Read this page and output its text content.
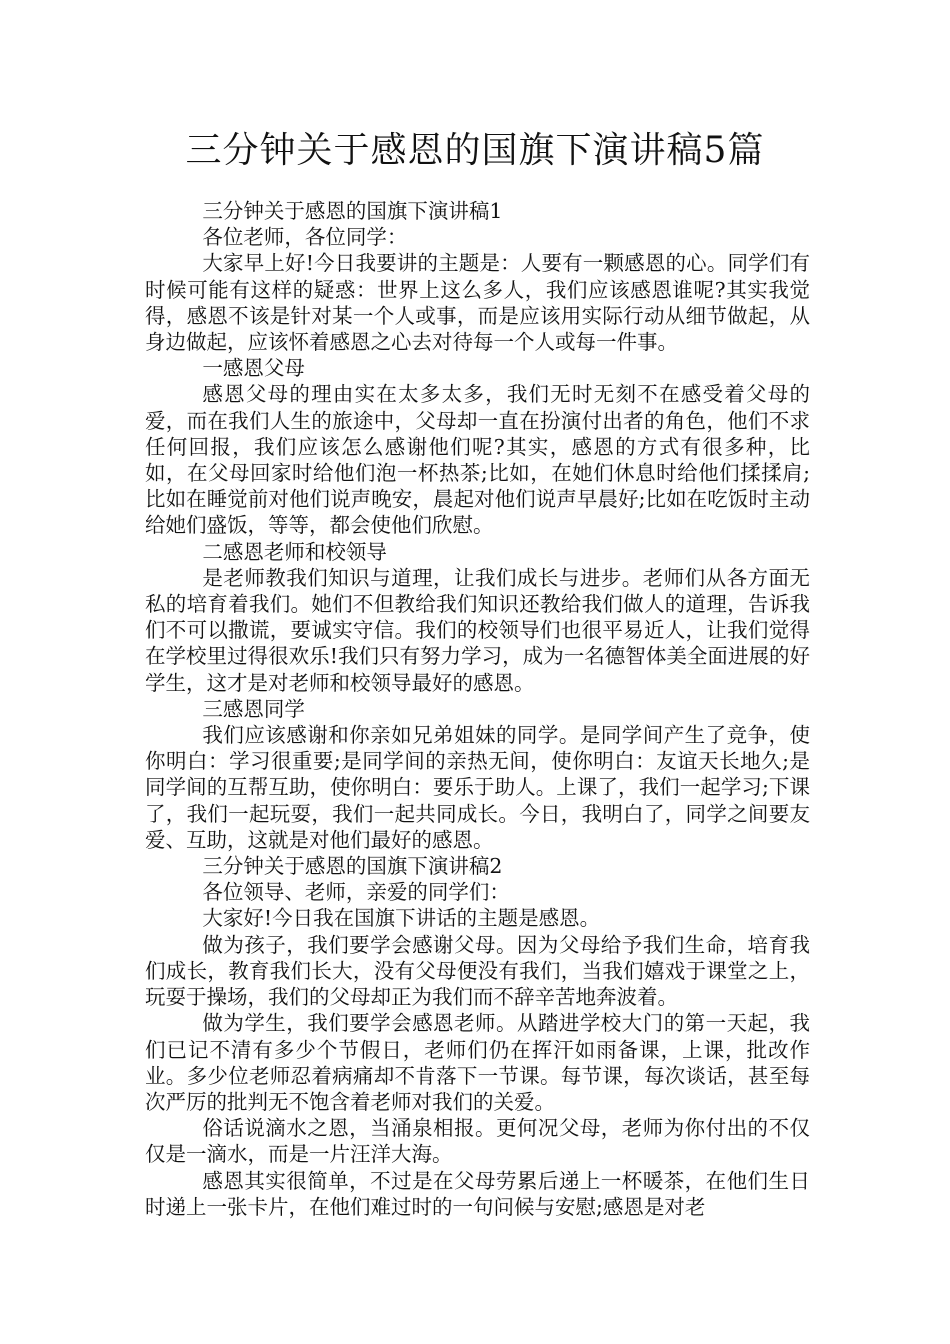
三分钟关于感恩的国旗下演讲稿5篇

三分钟关于感恩的国旗下演讲稿1

各位老师，各位同学：

大家早上好!今日我要讲的主题是：人要有一颗感恩的心。同学们有时候可能有这样的疑惑：世界上这么多人，我们应该感恩谁呢?其实我觉得，感恩不该是针对某一个人或事，而是应该用实际行动从细节做起，从身边做起，应该怀着感恩之心去对待每一个人或每一件事。

一感恩父母

感恩父母的理由实在太多太多，我们无时无刻不在感受着父母的爱，而在我们人生的旅途中，父母却一直在扮演付出者的角色，他们不求任何回报，我们应该怎么感谢他们呢?其实，感恩的方式有很多种，比如，在父母回家时给他们泡一杯热茶;比如，在她们休息时给他们揉揉肩;比如在睡觉前对他们说声晚安，晨起对他们说声早晨好;比如在吃饭时主动给她们盛饭，等等，都会使他们欣慰。

二感恩老师和校领导

是老师教我们知识与道理，让我们成长与进步。老师们从各方面无私的培育着我们。她们不但教给我们知识还教给我们做人的道理，告诉我们不可以撒谎，要诚实守信。我们的校领导们也很平易近人，让我们觉得在学校里过得很欢乐!我们只有努力学习，成为一名德智体美全面进展的好学生，这才是对老师和校领导最好的感恩。

三感恩同学

我们应该感谢和你亲如兄弟姐妹的同学。是同学间产生了竞争，使你明白：学习很重要;是同学间的亲热无间，使你明白：友谊天长地久;是同学间的互帮互助，使你明白：要乐于助人。上课了，我们一起学习;下课了，我们一起玩耍，我们一起共同成长。今日，我明白了，同学之间要友爱、互助，这就是对他们最好的感恩。

三分钟关于感恩的国旗下演讲稿2

各位领导、老师，亲爱的同学们：

大家好!今日我在国旗下讲话的主题是感恩。

做为孩子，我们要学会感谢父母。因为父母给予我们生命，培育我们成长，教育我们长大，没有父母便没有我们，当我们嬉戏于课堂之上，玩耍于操场，我们的父母却正为我们而不辞辛苦地奔波着。

做为学生，我们要学会感恩老师。从踏进学校大门的第一天起，我们已记不清有多少个节假日，老师们仍在挥汗如雨备课，上课，批改作业。多少位老师忍着病痛却不肯落下一节课。每节课，每次谈话，甚至每次严厉的批判无不饱含着老师对我们的关爱。

俗话说滴水之恩，当涌泉相报。更何况父母，老师为你付出的不仅仅是一滴水，而是一片汪洋大海。

感恩其实很简单，不过是在父母劳累后递上一杯暖茶，在他们生日时递上一张卡片，在他们难过时的一句问候与安慰;感恩是对老
